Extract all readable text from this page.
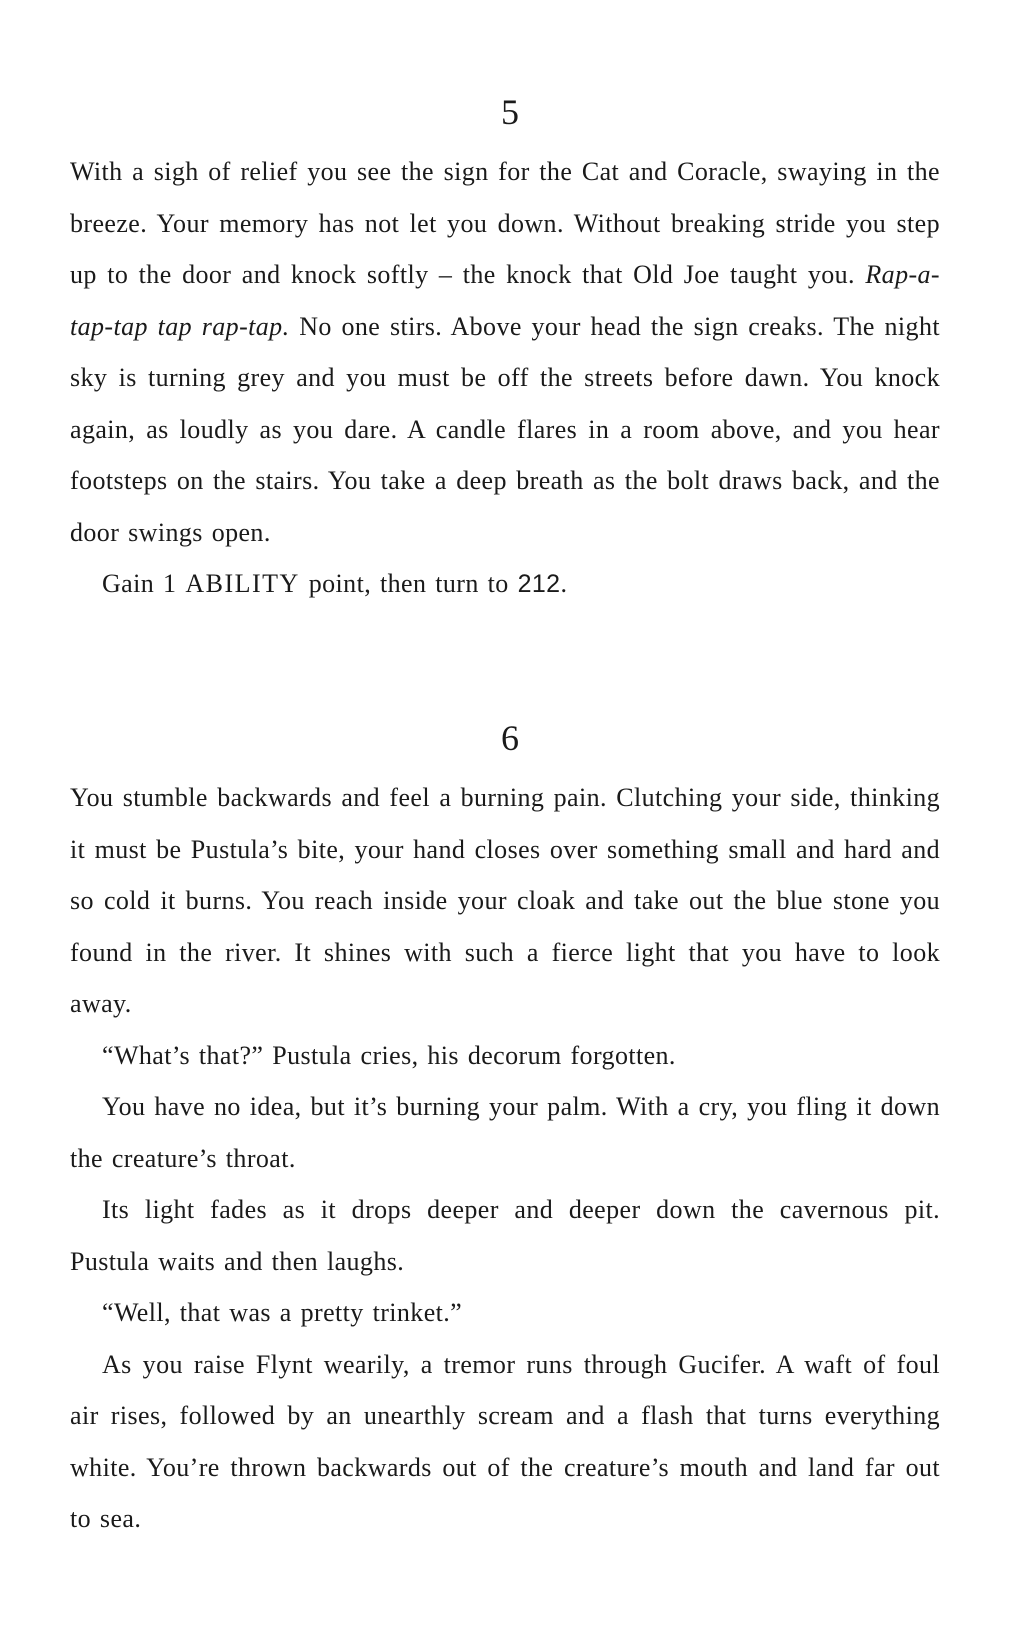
5

With a sigh of relief you see the sign for the Cat and Coracle, swaying in the breeze. Your memory has not let you down. Without breaking stride you step up to the door and knock softly – the knock that Old Joe taught you. Rap-a-tap-tap tap rap-tap. No one stirs. Above your head the sign creaks. The night sky is turning grey and you must be off the streets before dawn. You knock again, as loudly as you dare. A candle flares in a room above, and you hear footsteps on the stairs. You take a deep breath as the bolt draws back, and the door swings open.

Gain 1 ABILITY point, then turn to 212.

6

You stumble backwards and feel a burning pain. Clutching your side, thinking it must be Pustula’s bite, your hand closes over something small and hard and so cold it burns. You reach inside your cloak and take out the blue stone you found in the river. It shines with such a fierce light that you have to look away.

“What’s that?” Pustula cries, his decorum forgotten.

You have no idea, but it’s burning your palm. With a cry, you fling it down the creature’s throat.

Its light fades as it drops deeper and deeper down the cavernous pit. Pustula waits and then laughs.

“Well, that was a pretty trinket.”

As you raise Flynt wearily, a tremor runs through Gucifer. A waft of foul air rises, followed by an unearthly scream and a flash that turns everything white. You’re thrown backwards out of the creature’s mouth and land far out to sea.
